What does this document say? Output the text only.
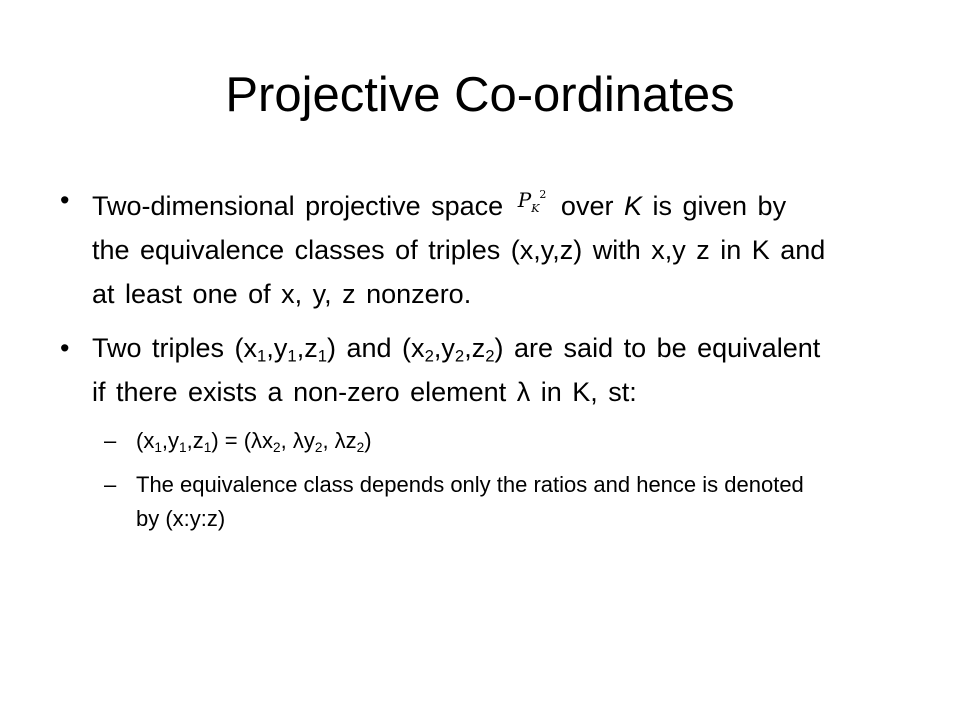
Projective Co-ordinates
• Two-dimensional projective space $P_K^2$ over K is given by the equivalence classes of triples (x,y,z) with x,y z in K and at least one of x, y, z nonzero.
• Two triples $(x_1,y_1,z_1)$ and $(x_2,y_2,z_2)$ are said to be equivalent if there exists a non-zero element λ in K, st:
– $(x_1,y_1,z_1) = (\lambda x_2$, $\lambda y_2$, $\lambda z_2$)
– The equivalence class depends only the ratios and hence is denoted by (x:y:z)
